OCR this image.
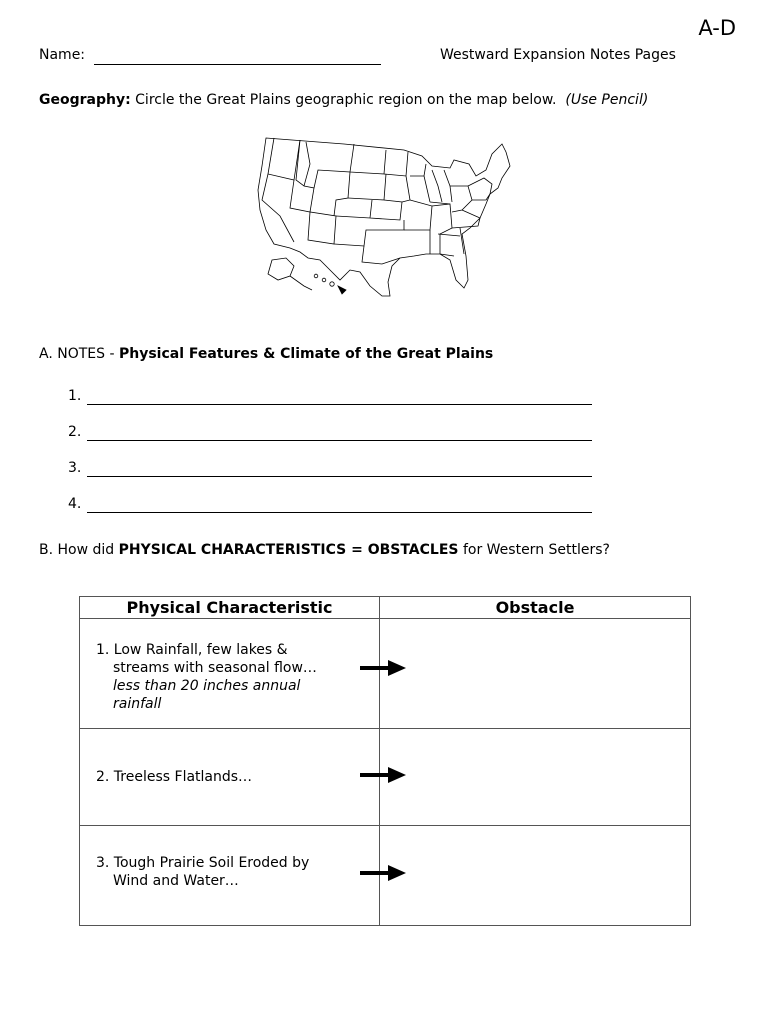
A-D
Name:	Westward Expansion Notes Pages
Geography: Circle the Great Plains geographic region on the map below. (Use Pencil)
A. NOTES - Physical Features & Climate of the Great Plains
1.
2.
3.
4.
B. How did PHYSICAL CHARACTERISTICS = OBSTACLES for Western Settlers?
Physical Characteristic	Obstacle

1. Low Rainfall, few lakes &
streams with seasonal flow…
less than 20 inches annual rainfall	

2. Treeless Flatlands…	

3. Tough Prairie Soil Eroded by
Wind and Water…	
